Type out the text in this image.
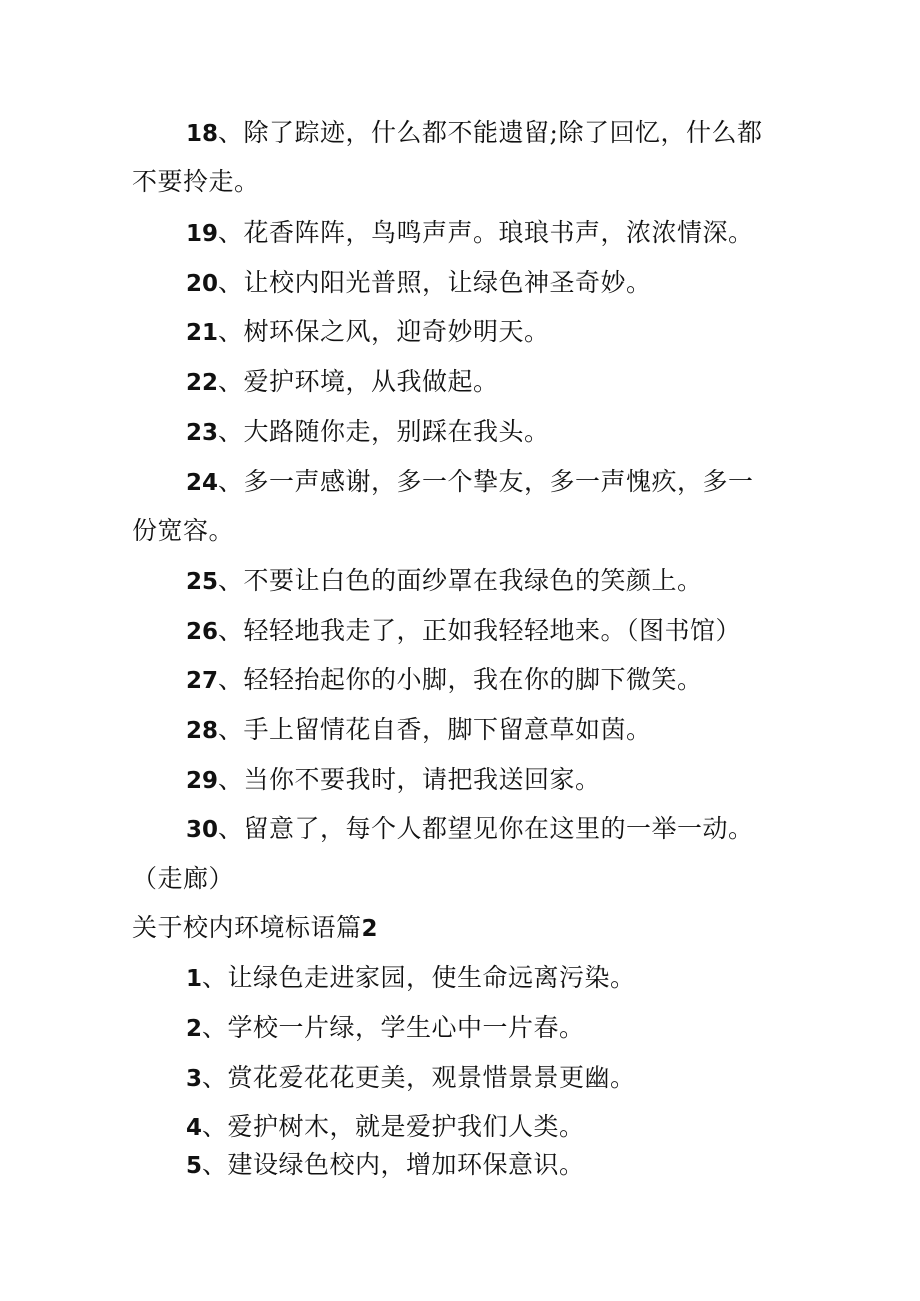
18、除了踪迹，什么都不能遗留;除了回忆，什么都
不要拎走。
19、花香阵阵，鸟鸣声声。琅琅书声，浓浓情深。
20、让校内阳光普照，让绿色神圣奇妙。
21、树环保之风，迎奇妙明天。
22、爱护环境，从我做起。
23、大路随你走，别踩在我头。
24、多一声感谢，多一个挚友，多一声愧疚，多一
份宽容。
25、不要让白色的面纱罩在我绿色的笑颜上。
26、轻轻地我走了，正如我轻轻地来。（图书馆）
27、轻轻抬起你的小脚，我在你的脚下微笑。
28、手上留情花自香，脚下留意草如茵。
29、当你不要我时，请把我送回家。
30、留意了，每个人都望见你在这里的一举一动。
（走廊）
关于校内环境标语篇2
1、让绿色走进家园，使生命远离污染。
2、学校一片绿，学生心中一片春。
3、赏花爱花花更美，观景惜景景更幽。
4、爱护树木，就是爱护我们人类。
5、建设绿色校内，增加环保意识。
